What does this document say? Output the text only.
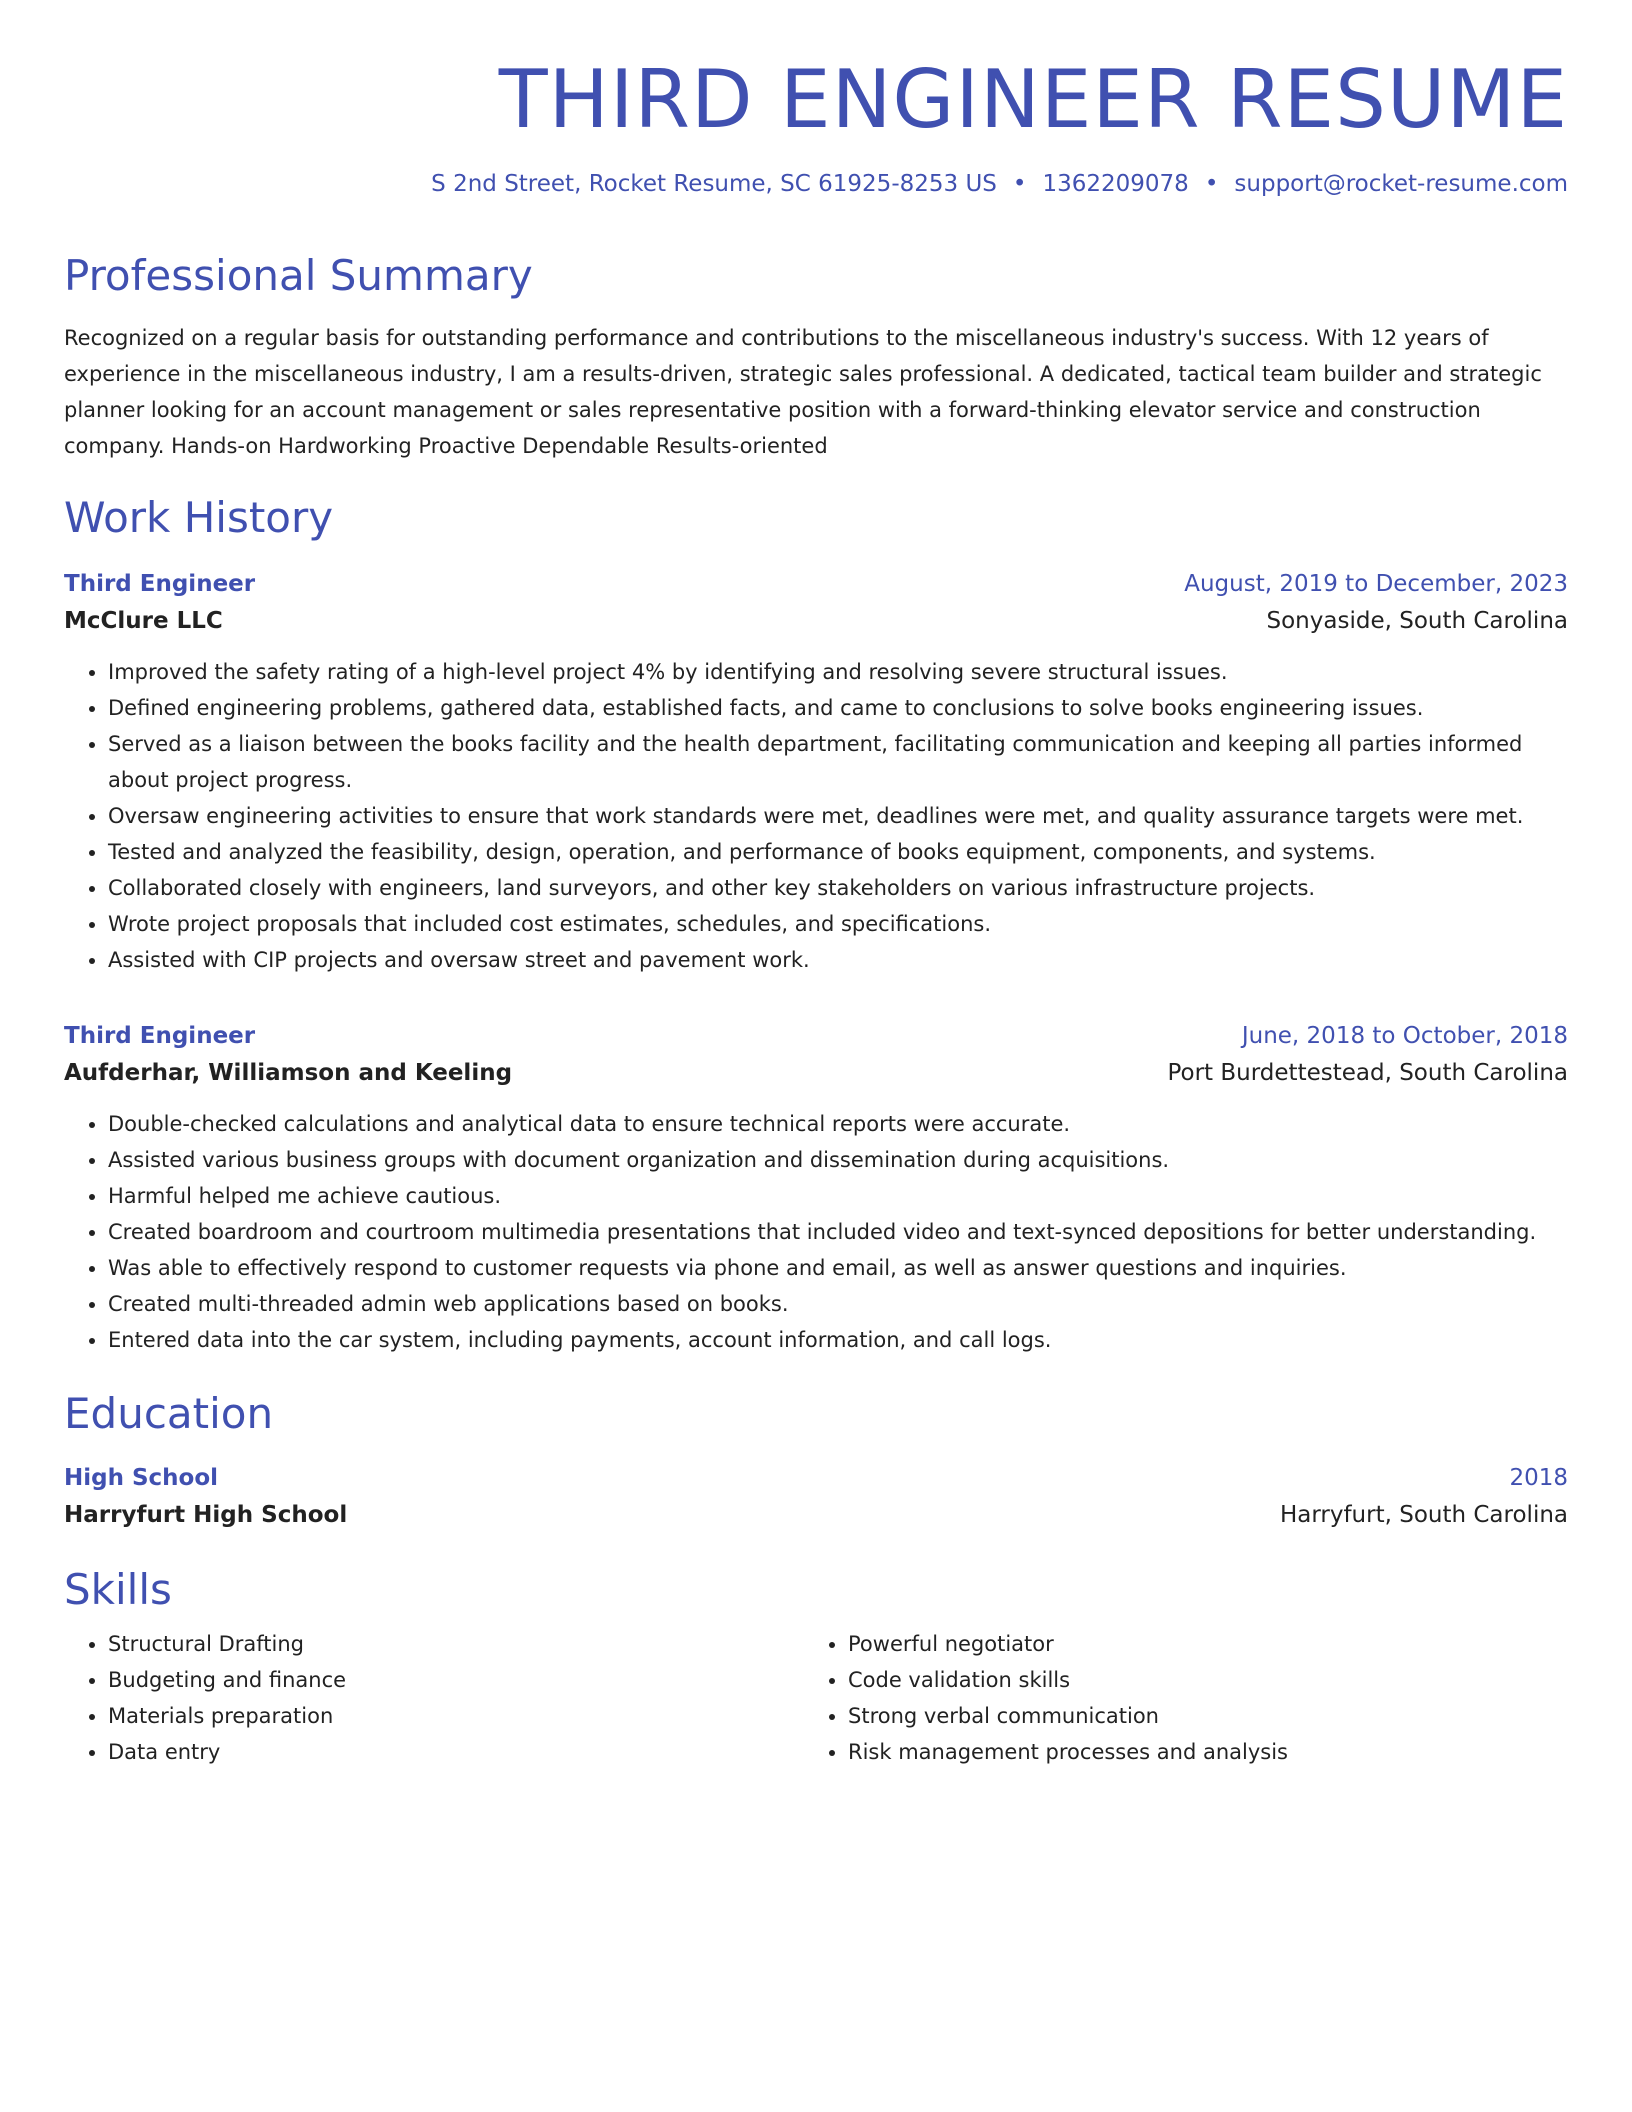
THIRD ENGINEER RESUME
S 2nd Street, Rocket Resume, SC 61925-8253 US • 1362209078 • support@rocket-resume.com
Professional Summary
Recognized on a regular basis for outstanding performance and contributions to the miscellaneous industry's success. With 12 years of experience in the miscellaneous industry, I am a results-driven, strategic sales professional. A dedicated, tactical team builder and strategic planner looking for an account management or sales representative position with a forward-thinking elevator service and construction company. Hands-on Hardworking Proactive Dependable Results-oriented
Work History
Third Engineer	August, 2019 to December, 2023
McClure LLC	Sonyaside, South Carolina
• Improved the safety rating of a high-level project 4% by identifying and resolving severe structural issues.
• Defined engineering problems, gathered data, established facts, and came to conclusions to solve books engineering issues.
• Served as a liaison between the books facility and the health department, facilitating communication and keeping all parties informed about project progress.
• Oversaw engineering activities to ensure that work standards were met, deadlines were met, and quality assurance targets were met.
• Tested and analyzed the feasibility, design, operation, and performance of books equipment, components, and systems.
• Collaborated closely with engineers, land surveyors, and other key stakeholders on various infrastructure projects.
• Wrote project proposals that included cost estimates, schedules, and specifications.
• Assisted with CIP projects and oversaw street and pavement work.
Third Engineer	June, 2018 to October, 2018
Aufderhar, Williamson and Keeling	Port Burdettestead, South Carolina
• Double-checked calculations and analytical data to ensure technical reports were accurate.
• Assisted various business groups with document organization and dissemination during acquisitions.
• Harmful helped me achieve cautious.
• Created boardroom and courtroom multimedia presentations that included video and text-synced depositions for better understanding.
• Was able to effectively respond to customer requests via phone and email, as well as answer questions and inquiries.
• Created multi-threaded admin web applications based on books.
• Entered data into the car system, including payments, account information, and call logs.
Education
High School	2018
Harryfurt High School	Harryfurt, South Carolina
Skills
• Structural Drafting
• Budgeting and finance
• Materials preparation
• Data entry
• Powerful negotiator
• Code validation skills
• Strong verbal communication
• Risk management processes and analysis
